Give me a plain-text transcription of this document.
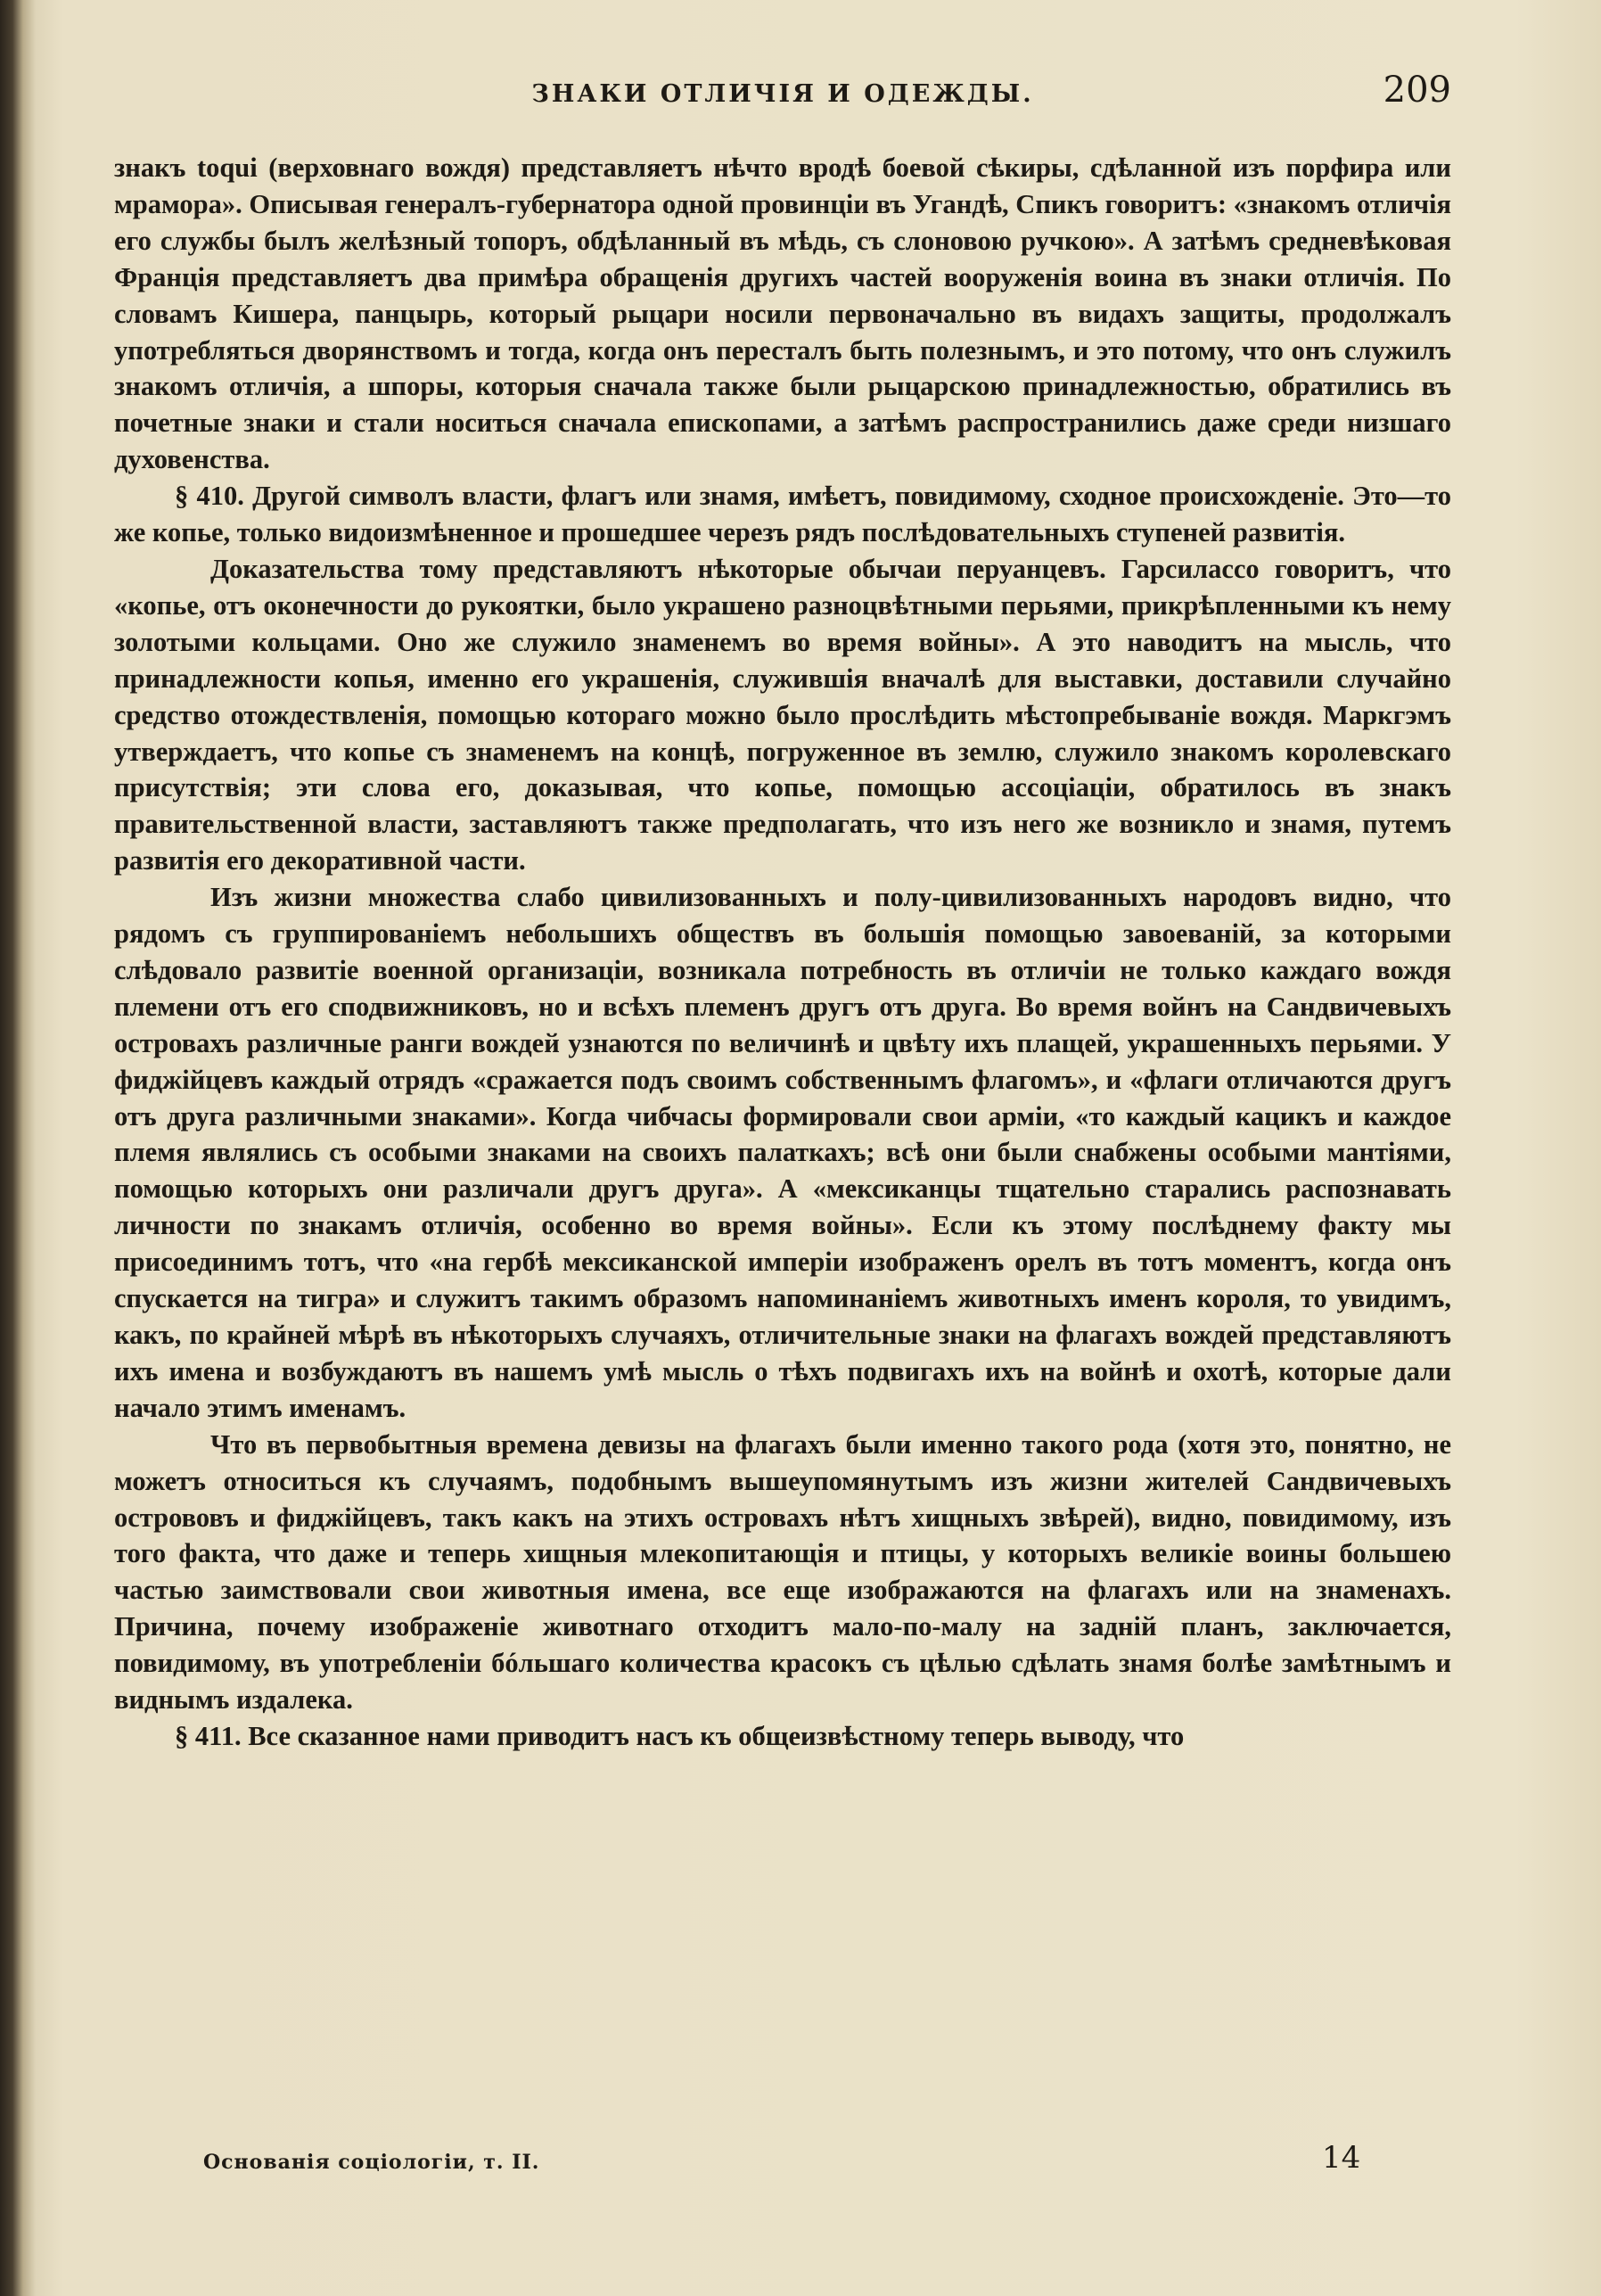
ЗНАКИ ОТЛИЧІЯ И ОДЕЖДЫ.	209

знакъ toqui (верховнаго вождя) представляетъ нѣчто вродѣ боевой сѣкиры, сдѣланной изъ порфира или мрамора». Описывая генералъ-губернатора одной провинціи въ Угандѣ, Спикъ говоритъ: «знакомъ отличія его службы былъ желѣзный топоръ, обдѣланный въ мѣдь, съ слоновою ручкою». А затѣмъ средневѣковая Франція представляетъ два примѣра обращенія другихъ частей вооруженія воина въ знаки отличія. По словамъ Кишера, панцырь, который рыцари носили первоначально въ видахъ защиты, продолжалъ употребляться дворянствомъ и тогда, когда онъ пересталъ быть полезнымъ, и это потому, что онъ служилъ знакомъ отличія, а шпоры, которыя сначала также были рыцарскою принадлежностью, обратились въ почетные знаки и стали носиться сначала епископами, а затѣмъ распространились даже среди низшаго духовенства.

§ 410. Другой символъ власти, флагъ или знамя, имѣетъ, повидимому, сходное происхожденіе. Это—то же копье, только видоизмѣненное и прошедшее черезъ рядъ послѣдовательныхъ ступеней развитія.

Доказательства тому представляютъ нѣкоторые обычаи перуанцевъ. Гарсиласcо говоритъ, что «копье, отъ оконечности до рукоятки, было украшено разноцвѣтными перьями, прикрѣпленными къ нему золотыми кольцами. Оно же служило знаменемъ во время войны». А это наводитъ на мысль, что принадлежности копья, именно его украшенія, служившія вначалѣ для выставки, доставили случайно средство отождествленія, помощью котораго можно было прослѣдить мѣстопребываніе вождя. Маркгэмъ утверждаетъ, что копье съ знаменемъ на концѣ, погруженное въ землю, служило знакомъ королевскаго присутствія; эти слова его, доказывая, что копье, помощью ассоціаціи, обратилось въ знакъ правительственной власти, заставляютъ также предполагать, что изъ него же возникло и знамя, путемъ развитія его декоративной части.

Изъ жизни множества слабо цивилизованныхъ и полу-цивилизованныхъ народовъ видно, что рядомъ съ группированіемъ небольшихъ обществъ въ большія помощью завоеваній, за которыми слѣдовало развитіе военной организаціи, возникала потребность въ отличіи не только каждаго вождя племени отъ его сподвижниковъ, но и всѣхъ племенъ другъ отъ друга. Во время войнъ на Сандвичевыхъ островахъ различные ранги вождей узнаются по величинѣ и цвѣту ихъ плащей, украшенныхъ перьями. У фиджійцевъ каждый отрядъ «сражается подъ своимъ собственнымъ флагомъ», и «флаги отличаются другъ отъ друга различными знаками». Когда чибчасы формировали свои арміи, «то каждый кацикъ и каждое племя являлись съ особыми знаками на своихъ палаткахъ; всѣ они были снабжены особыми мантіями, помощью которыхъ они различали другъ друга». А «мексиканцы тщательно старались распознавать личности по знакамъ отличія, особенно во время войны». Если къ этому послѣднему факту мы присоединимъ тотъ, что «на гербѣ мексиканской имперіи изображенъ орелъ въ тотъ моментъ, когда онъ спускается на тигра» и служитъ такимъ образомъ напоминаніемъ животныхъ именъ короля, то увидимъ, какъ, по крайней мѣрѣ въ нѣкоторыхъ случаяхъ, отличительные знаки на флагахъ вождей представляютъ ихъ имена и возбуждаютъ въ нашемъ умѣ мысль о тѣхъ подвигахъ ихъ на войнѣ и охотѣ, которые дали начало этимъ именамъ.

Что въ первобытныя времена девизы на флагахъ были именно такого рода (хотя это, понятно, не можетъ относиться къ случаямъ, подобнымъ вышеупомянутымъ изъ жизни жителей Сандвичевыхъ острововъ и фиджійцевъ, такъ какъ на этихъ островахъ нѣтъ хищныхъ звѣрей), видно, повидимому, изъ того факта, что даже и теперь хищныя млекопитающія и птицы, у которыхъ великіе воины большею частью заимствовали свои животныя имена, все еще изображаются на флагахъ или на знаменахъ. Причина, почему изображеніе животнаго отходитъ мало-по-малу на задній планъ, заключается, повидимому, въ употребленіи бóльшаго количества красокъ съ цѣлью сдѣлать знамя болѣе замѣтнымъ и виднымъ издалека.

§ 411. Все сказанное нами приводитъ насъ къ общеизвѣстному теперь выводу, что

Основанія соціологіи, т. II.	14
